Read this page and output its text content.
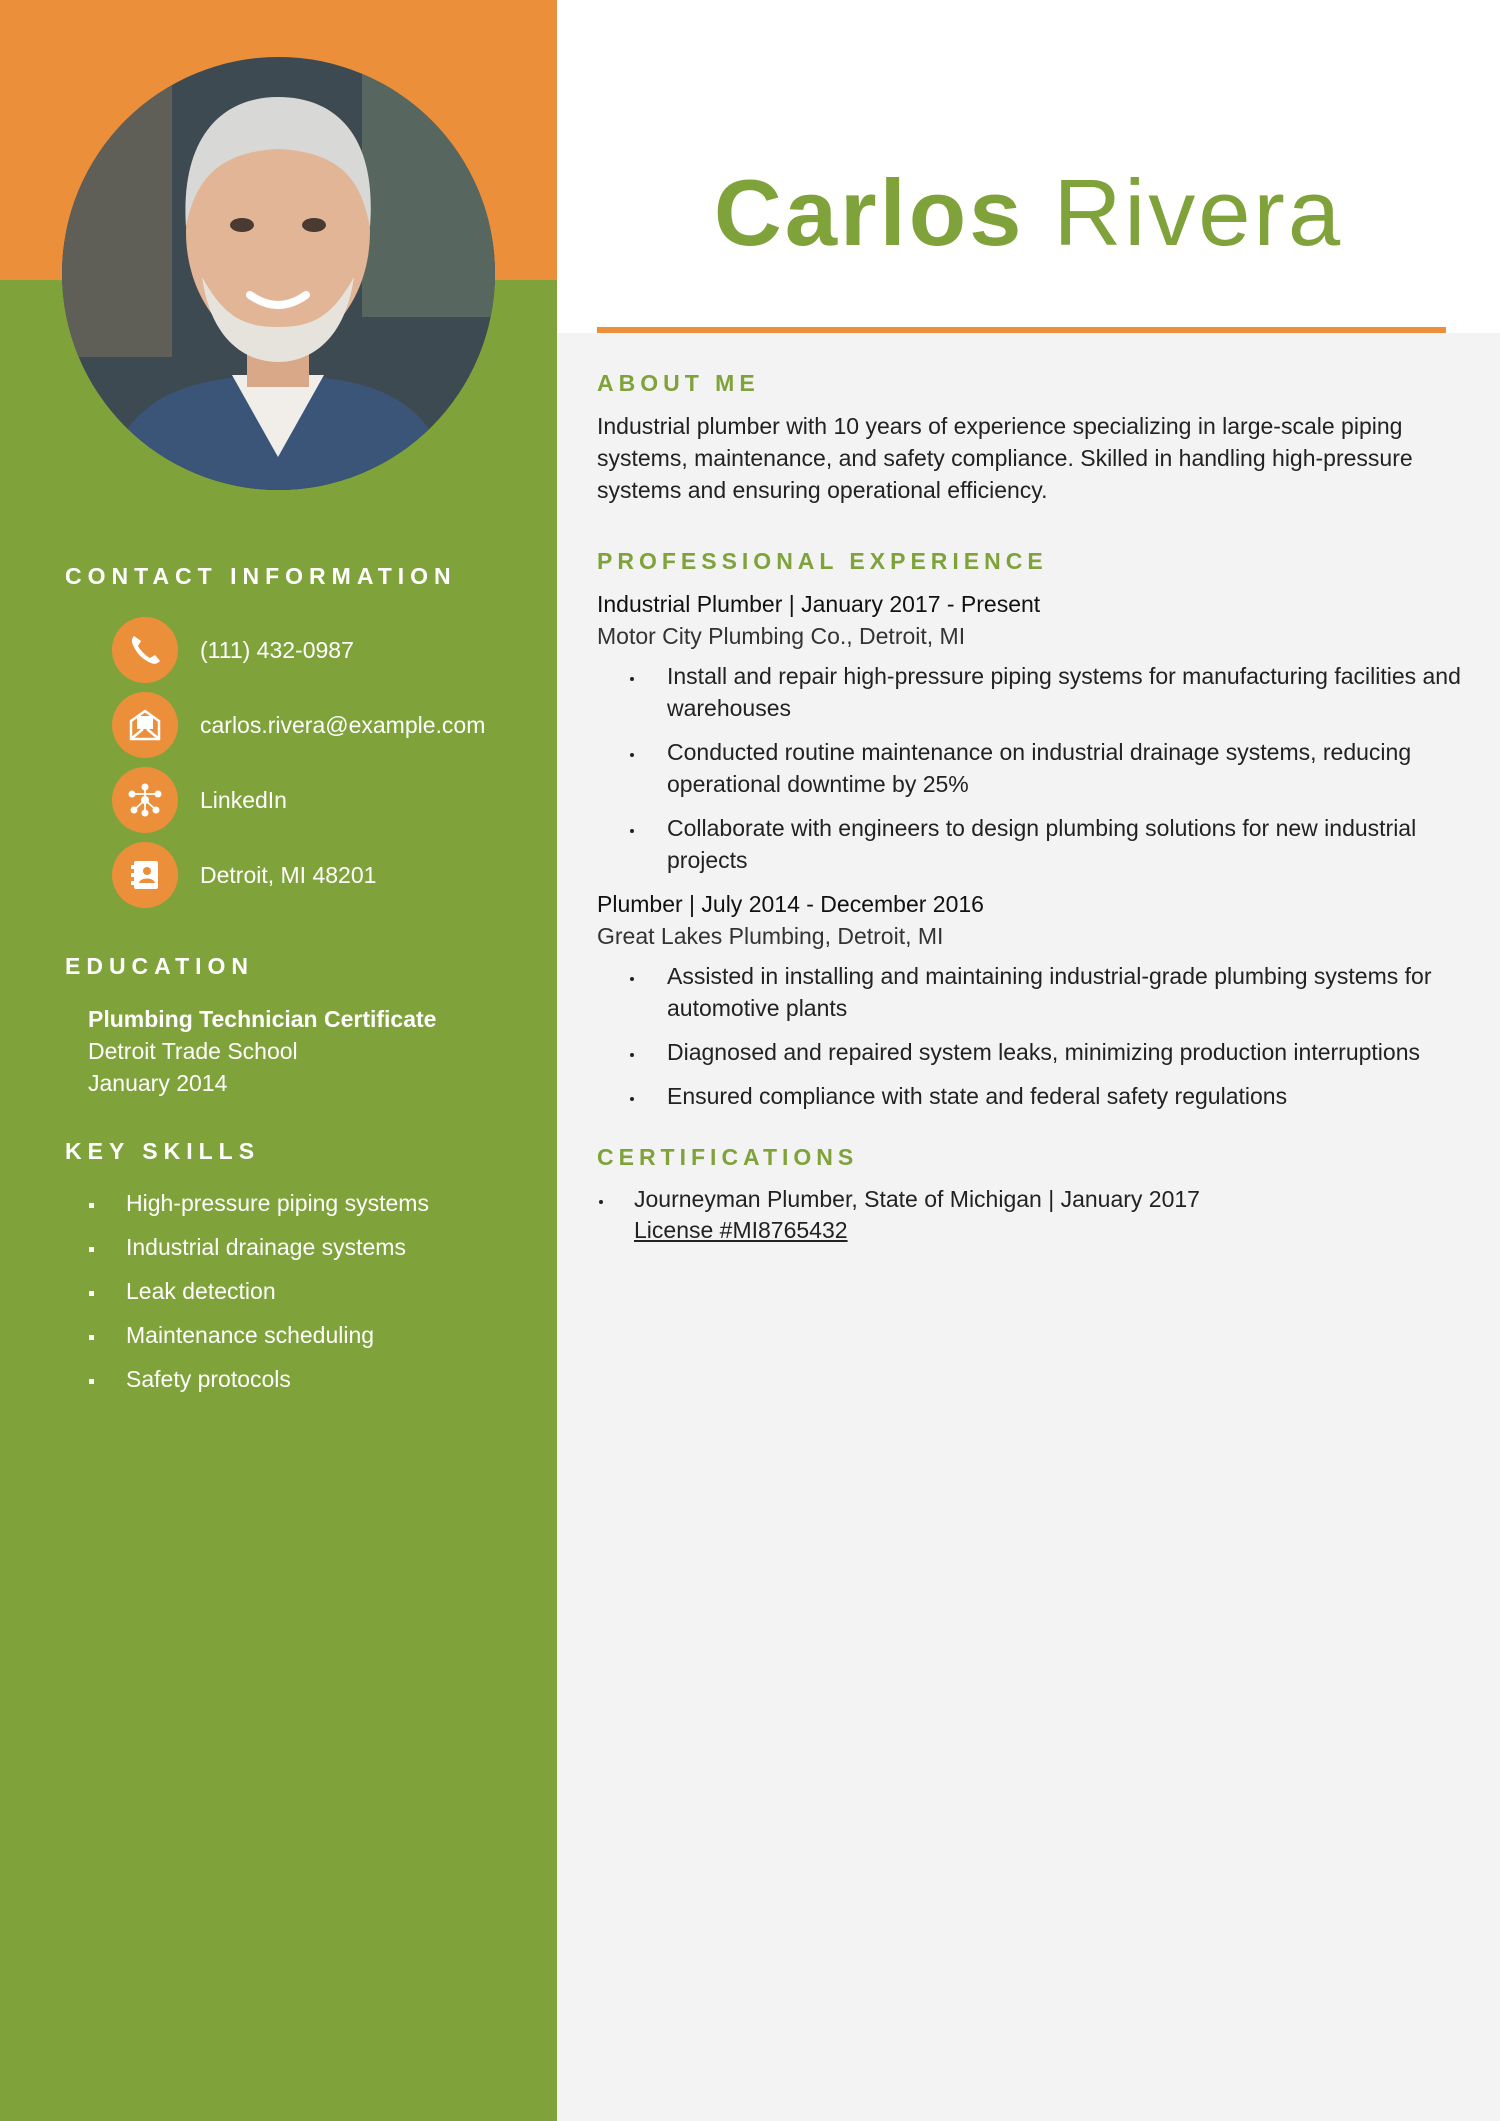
Carlos Rivera
CONTACT INFORMATION
(111) 432-0987
carlos.rivera@example.com
LinkedIn
Detroit, MI 48201
EDUCATION
Plumbing Technician Certificate
Detroit Trade School
January 2014
KEY SKILLS
High-pressure piping systems
Industrial drainage systems
Leak detection
Maintenance scheduling
Safety protocols
ABOUT ME

Industrial plumber with 10 years of experience specializing in large-scale piping systems, maintenance, and safety compliance. Skilled in handling high-pressure systems and ensuring operational efficiency.

PROFESSIONAL EXPERIENCE
Industrial Plumber | January 2017 - Present
Motor City Plumbing Co., Detroit, MI
Install and repair high-pressure piping systems for manufacturing facilities and warehouses
Conducted routine maintenance on industrial drainage systems, reducing operational downtime by 25%
Collaborate with engineers to design plumbing solutions for new industrial projects
Plumber | July 2014 - December 2016
Great Lakes Plumbing, Detroit, MI
Assisted in installing and maintaining industrial-grade plumbing systems for automotive plants
Diagnosed and repaired system leaks, minimizing production interruptions
Ensured compliance with state and federal safety regulations
CERTIFICATIONS
Journeyman Plumber, State of Michigan | January 2017
License #MI8765432
